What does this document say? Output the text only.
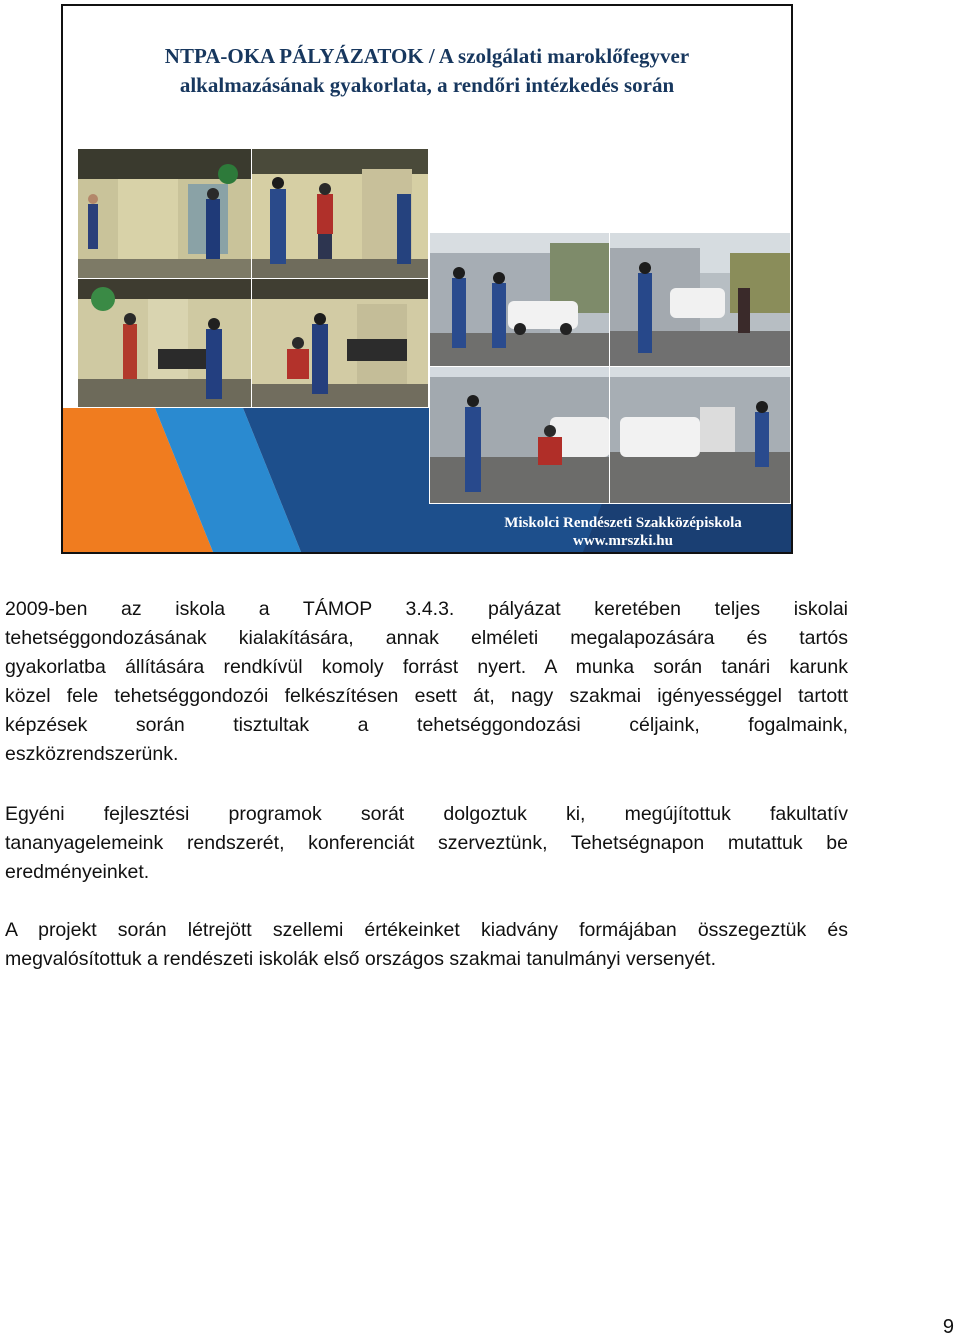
NTPA-OKA PÁLYÁZATOK / A szolgálati maroklőfegyver
alkalmazásának gyakorlata, a rendőri intézkedés során
Miskolci Rendészeti Szakközépiskola
www.mrszki.hu

2009-ben az iskola a TÁMOP 3.4.3. pályázat keretében teljes iskolai
tehetséggondozásának kialakítására, annak elméleti megalapozására és tartós
gyakorlatba állítására rendkívül komoly forrást nyert. A munka során tanári karunk
közel fele tehetséggondozói felkészítésen esett át, nagy szakmai igényességgel tartott
képzések során tisztultak a tehetséggondozási céljaink, fogalmaink,
eszközrendszerünk.

Egyéni fejlesztési programok sorát dolgoztuk ki, megújítottuk fakultatív
tananyagelemeink rendszerét, konferenciát szerveztünk, Tehetségnapon mutattuk be
eredményeinket.

A projekt során létrejött szellemi értékeinket kiadvány formájában összegeztük és
megvalósítottuk a rendészeti iskolák első országos szakmai tanulmányi versenyét.

9
